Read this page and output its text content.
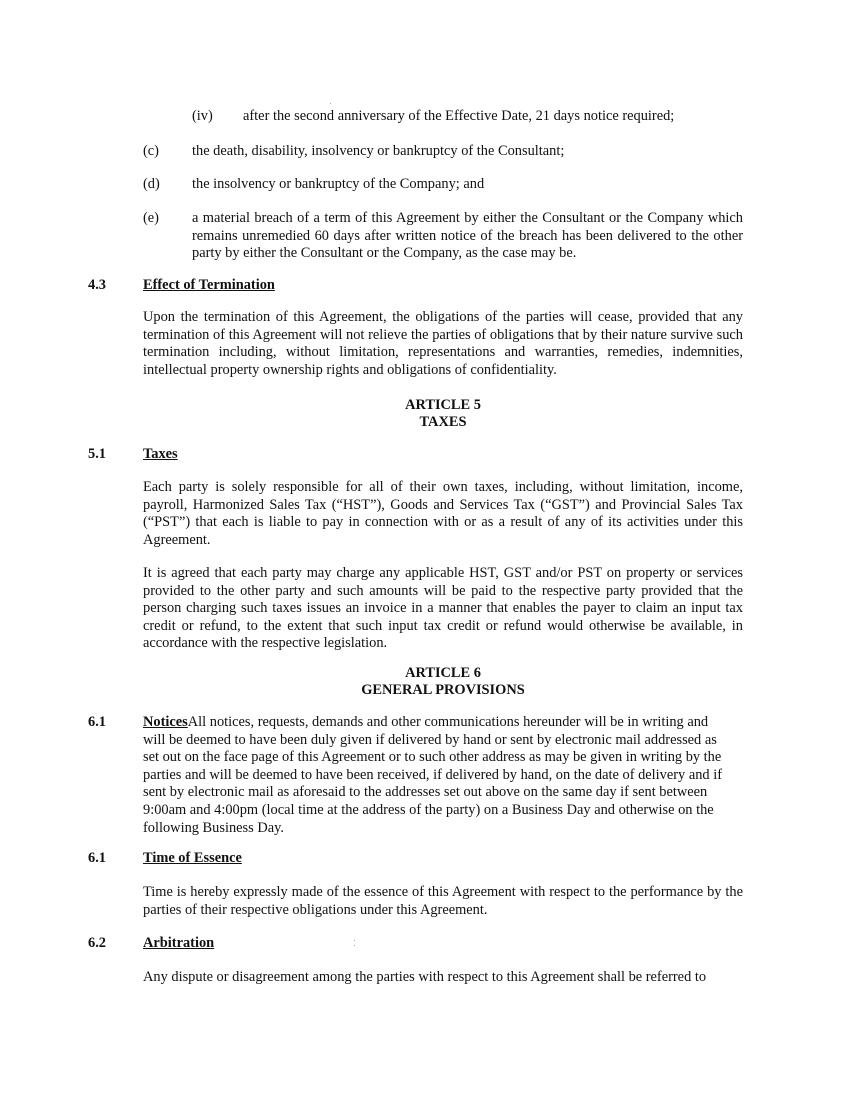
(iv) after the second anniversary of the Effective Date, 21 days notice required;
(c) the death, disability, insolvency or bankruptcy of the Consultant;
(d) the insolvency or bankruptcy of the Company; and
(e) a material breach of a term of this Agreement by either the Consultant or the Company which remains unremedied 60 days after written notice of the breach has been delivered to the other party by either the Consultant or the Company, as the case may be.
4.3	Effect of Termination
Upon the termination of this Agreement, the obligations of the parties will cease, provided that any termination of this Agreement will not relieve the parties of obligations that by their nature survive such termination including, without limitation, representations and warranties, remedies, indemnities, intellectual property ownership rights and obligations of confidentiality.
ARTICLE 5
TAXES
5.1	Taxes
Each party is solely responsible for all of their own taxes, including, without limitation, income, payroll, Harmonized Sales Tax (“HST”), Goods and Services Tax (“GST”) and Provincial Sales Tax (“PST”) that each is liable to pay in connection with or as a result of any of its activities under this Agreement.
It is agreed that each party may charge any applicable HST, GST and/or PST on property or services provided to the other party and such amounts will be paid to the respective party provided that the person charging such taxes issues an invoice in a manner that enables the payer to claim an input tax credit or refund, to the extent that such input tax credit or refund would otherwise be available, in accordance with the respective legislation.
ARTICLE 6
GENERAL PROVISIONS
6.1	NoticesAll notices, requests, demands and other communications hereunder will be in writing and will be deemed to have been duly given if delivered by hand or sent by electronic mail addressed as set out on the face page of this Agreement or to such other address as may be given in writing by the parties and will be deemed to have been received, if delivered by hand, on the date of delivery and if sent by electronic mail as aforesaid to the addresses set out above on the same day if sent between 9:00am and 4:00pm (local time at the address of the party) on a Business Day and otherwise on the following Business Day.
6.1	Time of Essence
Time is hereby expressly made of the essence of this Agreement with respect to the performance by the parties of their respective obligations under this Agreement.
6.2	Arbitration
Any dispute or disagreement among the parties with respect to this Agreement shall be referred to
